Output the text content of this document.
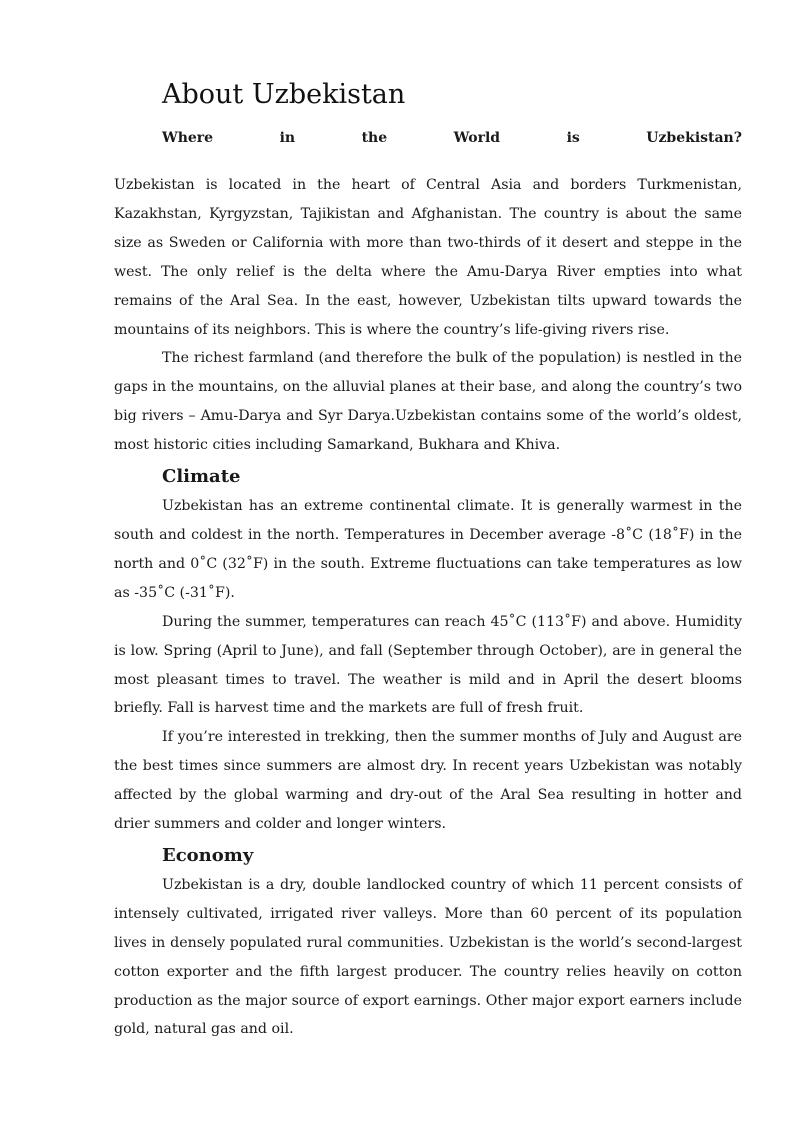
About Uzbekistan
Where	in	the	World	is	Uzbekistan?

Uzbekistan is located in the heart of Central Asia and borders Turkmenistan, Kazakhstan, Kyrgyzstan, Tajikistan and Afghanistan. The country is about the same size as Sweden or California with more than two-thirds of it desert and steppe in the west. The only relief is the delta where the Amu-Darya River empties into what remains of the Aral Sea. In the east, however, Uzbekistan tilts upward towards the mountains of its neighbors. This is where the country’s life-giving rivers rise.

The richest farmland (and therefore the bulk of the population) is nestled in the gaps in the mountains, on the alluvial planes at their base, and along the country’s two big rivers – Amu-Darya and Syr Darya.Uzbekistan contains some of the world’s oldest, most historic cities including Samarkand, Bukhara and Khiva.

Climate

Uzbekistan has an extreme continental climate. It is generally warmest in the south and coldest in the north. Temperatures in December average -8˚C (18˚F) in the north and 0˚C (32˚F) in the south. Extreme fluctuations can take temperatures as low as -35˚C (-31˚F).

During the summer, temperatures can reach 45˚C (113˚F) and above. Humidity is low. Spring (April to June), and fall (September through October), are in general the most pleasant times to travel. The weather is mild and in April the desert blooms briefly. Fall is harvest time and the markets are full of fresh fruit.

If you’re interested in trekking, then the summer months of July and August are the best times since summers are almost dry. In recent years Uzbekistan was notably affected by the global warming and dry-out of the Aral Sea resulting in hotter and drier summers and colder and longer winters.

Economy

Uzbekistan is a dry, double landlocked country of which 11 percent consists of intensely cultivated, irrigated river valleys. More than 60 percent of its population lives in densely populated rural communities. Uzbekistan is the world’s second-largest cotton exporter and the fifth largest producer. The country relies heavily on cotton production as the major source of export earnings. Other major export earners include gold, natural gas and oil.
